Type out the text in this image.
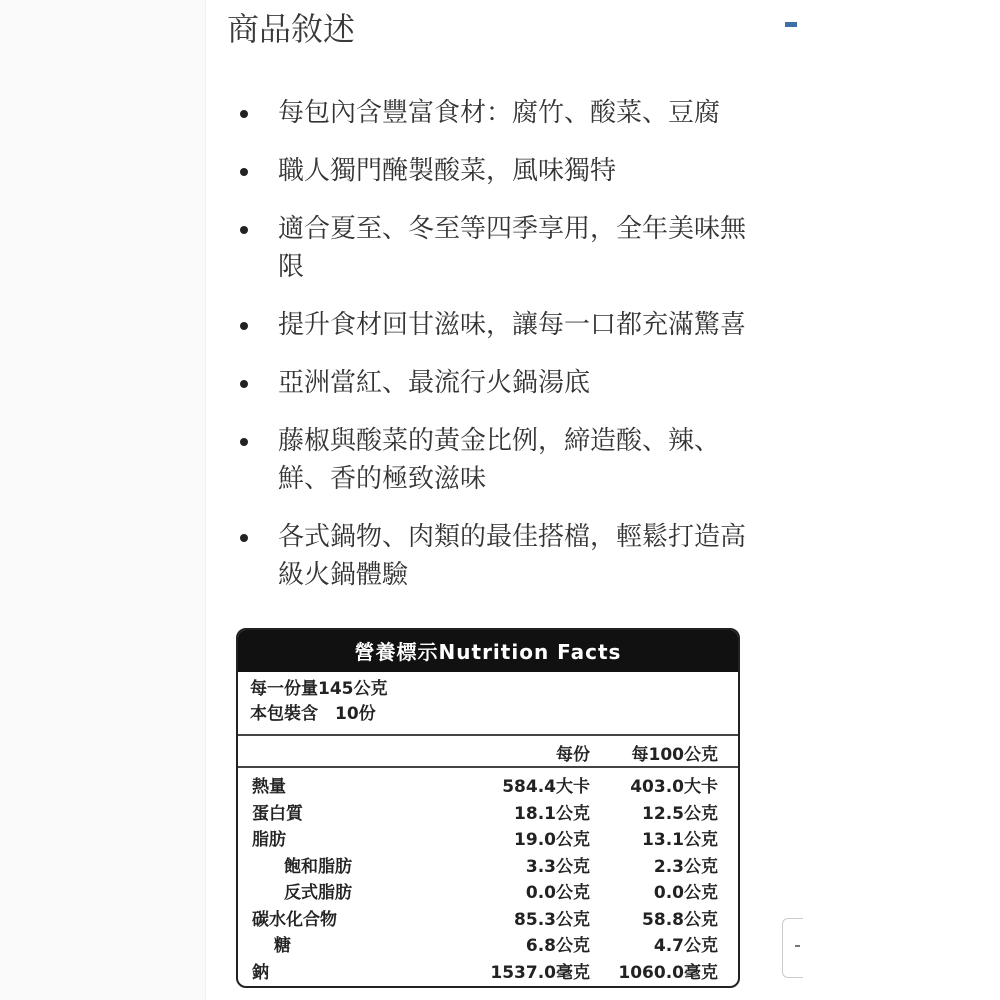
商品敘述
每包內含豐富食材：腐竹、酸菜、豆腐
職人獨門醃製酸菜，風味獨特
適合夏至、冬至等四季享用，全年美味無限
提升食材回甘滋味，讓每一口都充滿驚喜
亞洲當紅、最流行火鍋湯底
藤椒與酸菜的黃金比例，締造酸、辣、鮮、香的極致滋味
各式鍋物、肉類的最佳搭檔，輕鬆打造高級火鍋體驗
營養標示Nutrition Facts
每一份量145公克
本包裝含　10份
每份	每100公克
熱量	584.4大卡	403.0大卡
蛋白質	18.1公克	12.5公克
脂肪	19.0公克	13.1公克
飽和脂肪	3.3公克	2.3公克
反式脂肪	0.0公克	0.0公克
碳水化合物	85.3公克	58.8公克
糖	6.8公克	4.7公克
鈉	1537.0毫克	1060.0毫克
